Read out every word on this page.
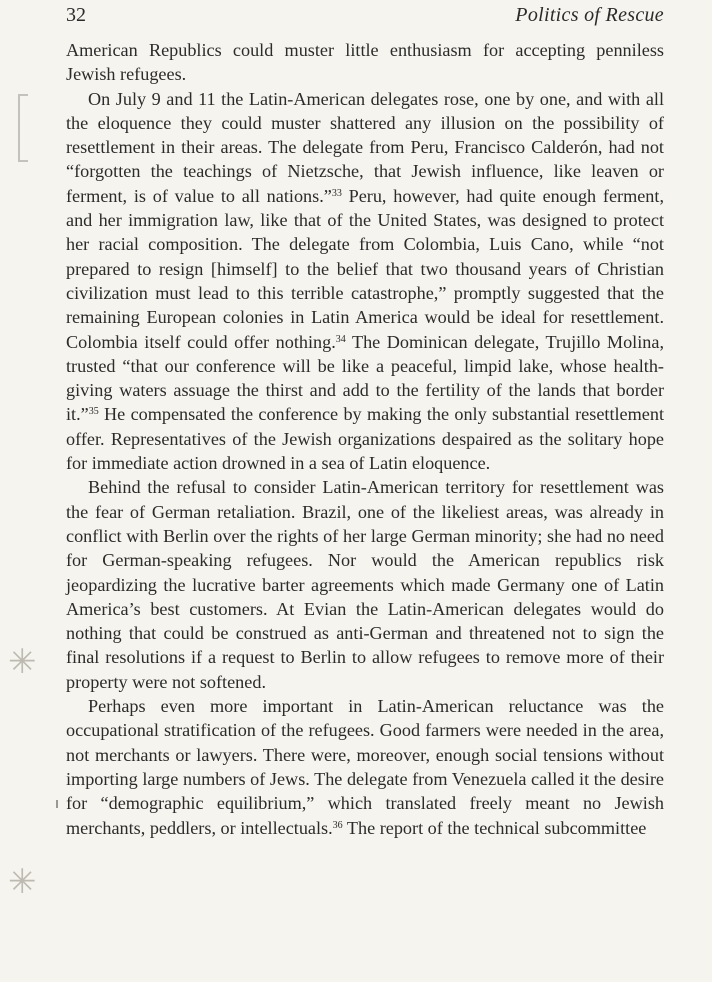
32	Politics of Rescue
✳
✳

American Republics could muster little enthusiasm for accepting penniless Jewish refugees.

On July 9 and 11 the Latin-American delegates rose, one by one, and with all the eloquence they could muster shattered any illusion on the possibility of resettlement in their areas. The delegate from Peru, Francisco Calderón, had not “forgotten the teachings of Nietzsche, that Jewish influence, like leaven or ferment, is of value to all nations.”$^{33}$ Peru, however, had quite enough ferment, and her immigration law, like that of the United States, was designed to protect her racial composition. The delegate from Colombia, Luis Cano, while “not prepared to resign [himself] to the belief that two thousand years of Christian civilization must lead to this terrible catastrophe,” promptly suggested that the remaining European colonies in Latin America would be ideal for resettlement. Colombia itself could offer nothing.$^{34}$ The Dominican delegate, Trujillo Molina, trusted “that our conference will be like a peaceful, limpid lake, whose health-giving waters assuage the thirst and add to the fertility of the lands that border it.”$^{35}$ He compensated the conference by making the only substantial resettlement offer. Representatives of the Jewish organizations despaired as the solitary hope for immediate action drowned in a sea of Latin eloquence.

Behind the refusal to consider Latin-American territory for resettlement was the fear of German retaliation. Brazil, one of the likeliest areas, was already in conflict with Berlin over the rights of her large German minority; she had no need for German-speaking refugees. Nor would the American republics risk jeopardizing the lucrative barter agreements which made Germany one of Latin America’s best customers. At Evian the Latin-American delegates would do nothing that could be construed as anti-German and threatened not to sign the final resolutions if a request to Berlin to allow refugees to remove more of their property were not softened.

Perhaps even more important in Latin-American reluctance was the occupational stratification of the refugees. Good farmers were needed in the area, not merchants or lawyers. There were, moreover, enough social tensions without importing large numbers of Jews. The delegate from Venezuela called it the desire for “demographic equilibrium,” which translated freely meant no Jewish merchants, peddlers, or intellectuals.$^{36}$ The report of the technical subcommittee
